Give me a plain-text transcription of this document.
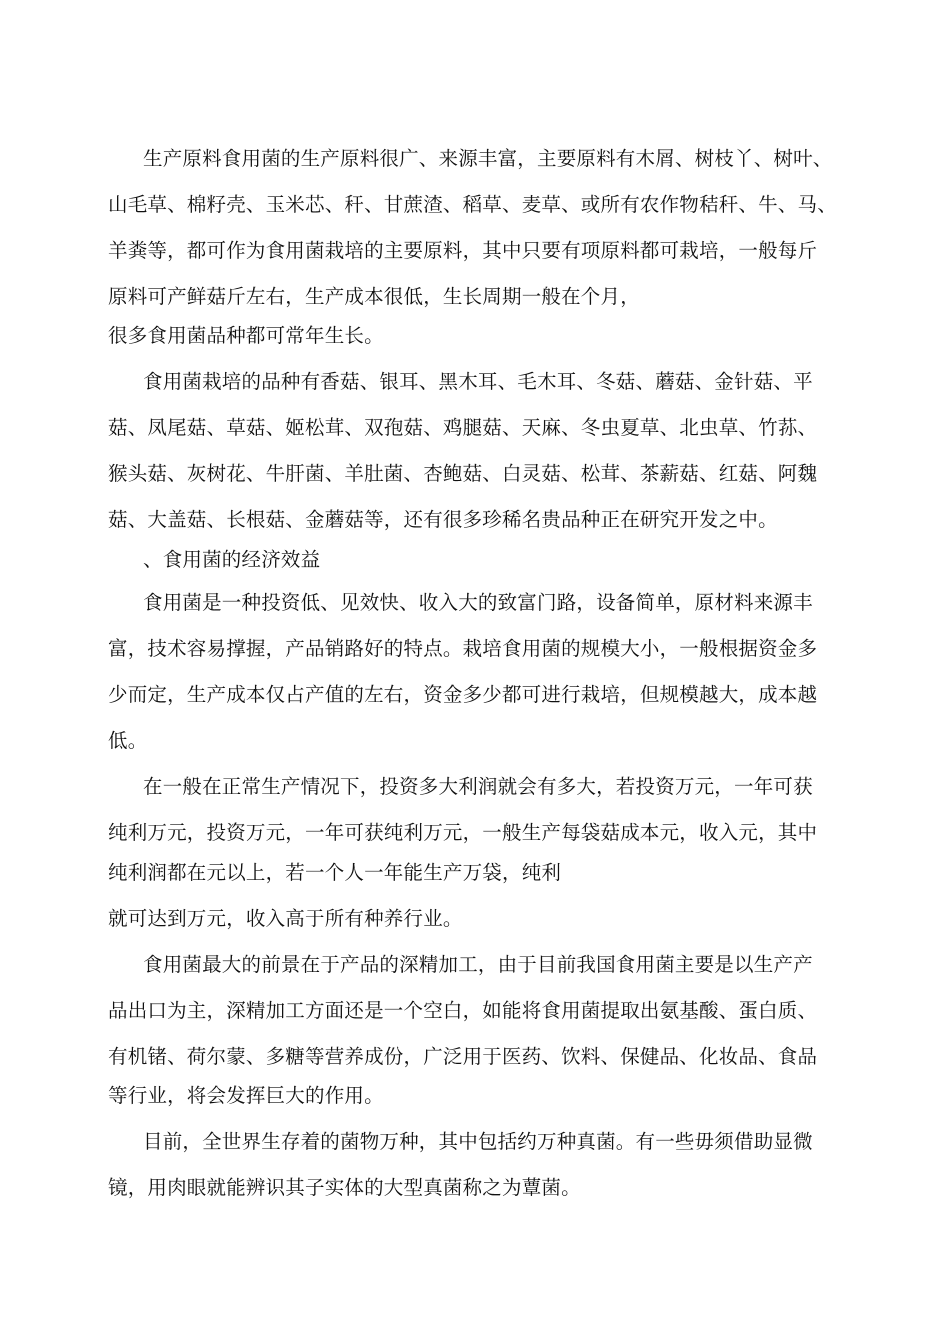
生产原料食用菌的生产原料很广、来源丰富，主要原料有木屑、树枝丫、树叶、
山毛草、棉籽壳、玉米芯、秆、甘蔗渣、稻草、麦草、或所有农作物秸秆、牛、马、
羊粪等，都可作为食用菌栽培的主要原料，其中只要有项原料都可栽培，一般每斤
原料可产鲜菇斤左右，生产成本很低，生长周期一般在个月，
很多食用菌品种都可常年生长。
食用菌栽培的品种有香菇、银耳、黑木耳、毛木耳、冬菇、蘑菇、金针菇、平
菇、凤尾菇、草菇、姬松茸、双孢菇、鸡腿菇、天麻、冬虫夏草、北虫草、竹荪、
猴头菇、灰树花、牛肝菌、羊肚菌、杏鲍菇、白灵菇、松茸、茶薪菇、红菇、阿魏
菇、大盖菇、长根菇、金蘑菇等，还有很多珍稀名贵品种正在研究开发之中。
、食用菌的经济效益
食用菌是一种投资低、见效快、收入大的致富门路，设备简单，原材料来源丰
富，技术容易撑握，产品销路好的特点。栽培食用菌的规模大小，一般根据资金多
少而定，生产成本仅占产值的左右，资金多少都可进行栽培，但规模越大，成本越
低。
在一般在正常生产情况下，投资多大利润就会有多大，若投资万元，一年可获
纯利万元，投资万元，一年可获纯利万元，一般生产每袋菇成本元，收入元，其中
纯利润都在元以上，若一个人一年能生产万袋，纯利
就可达到万元，收入高于所有种养行业。
食用菌最大的前景在于产品的深精加工，由于目前我国食用菌主要是以生产产
品出口为主，深精加工方面还是一个空白，如能将食用菌提取出氨基酸、蛋白质、
有机锗、荷尔蒙、多糖等营养成份，广泛用于医药、饮料、保健品、化妆品、食品
等行业，将会发挥巨大的作用。
目前，全世界生存着的菌物万种，其中包括约万种真菌。有一些毋须借助显微
镜，用肉眼就能辨识其子实体的大型真菌称之为蕈菌。
